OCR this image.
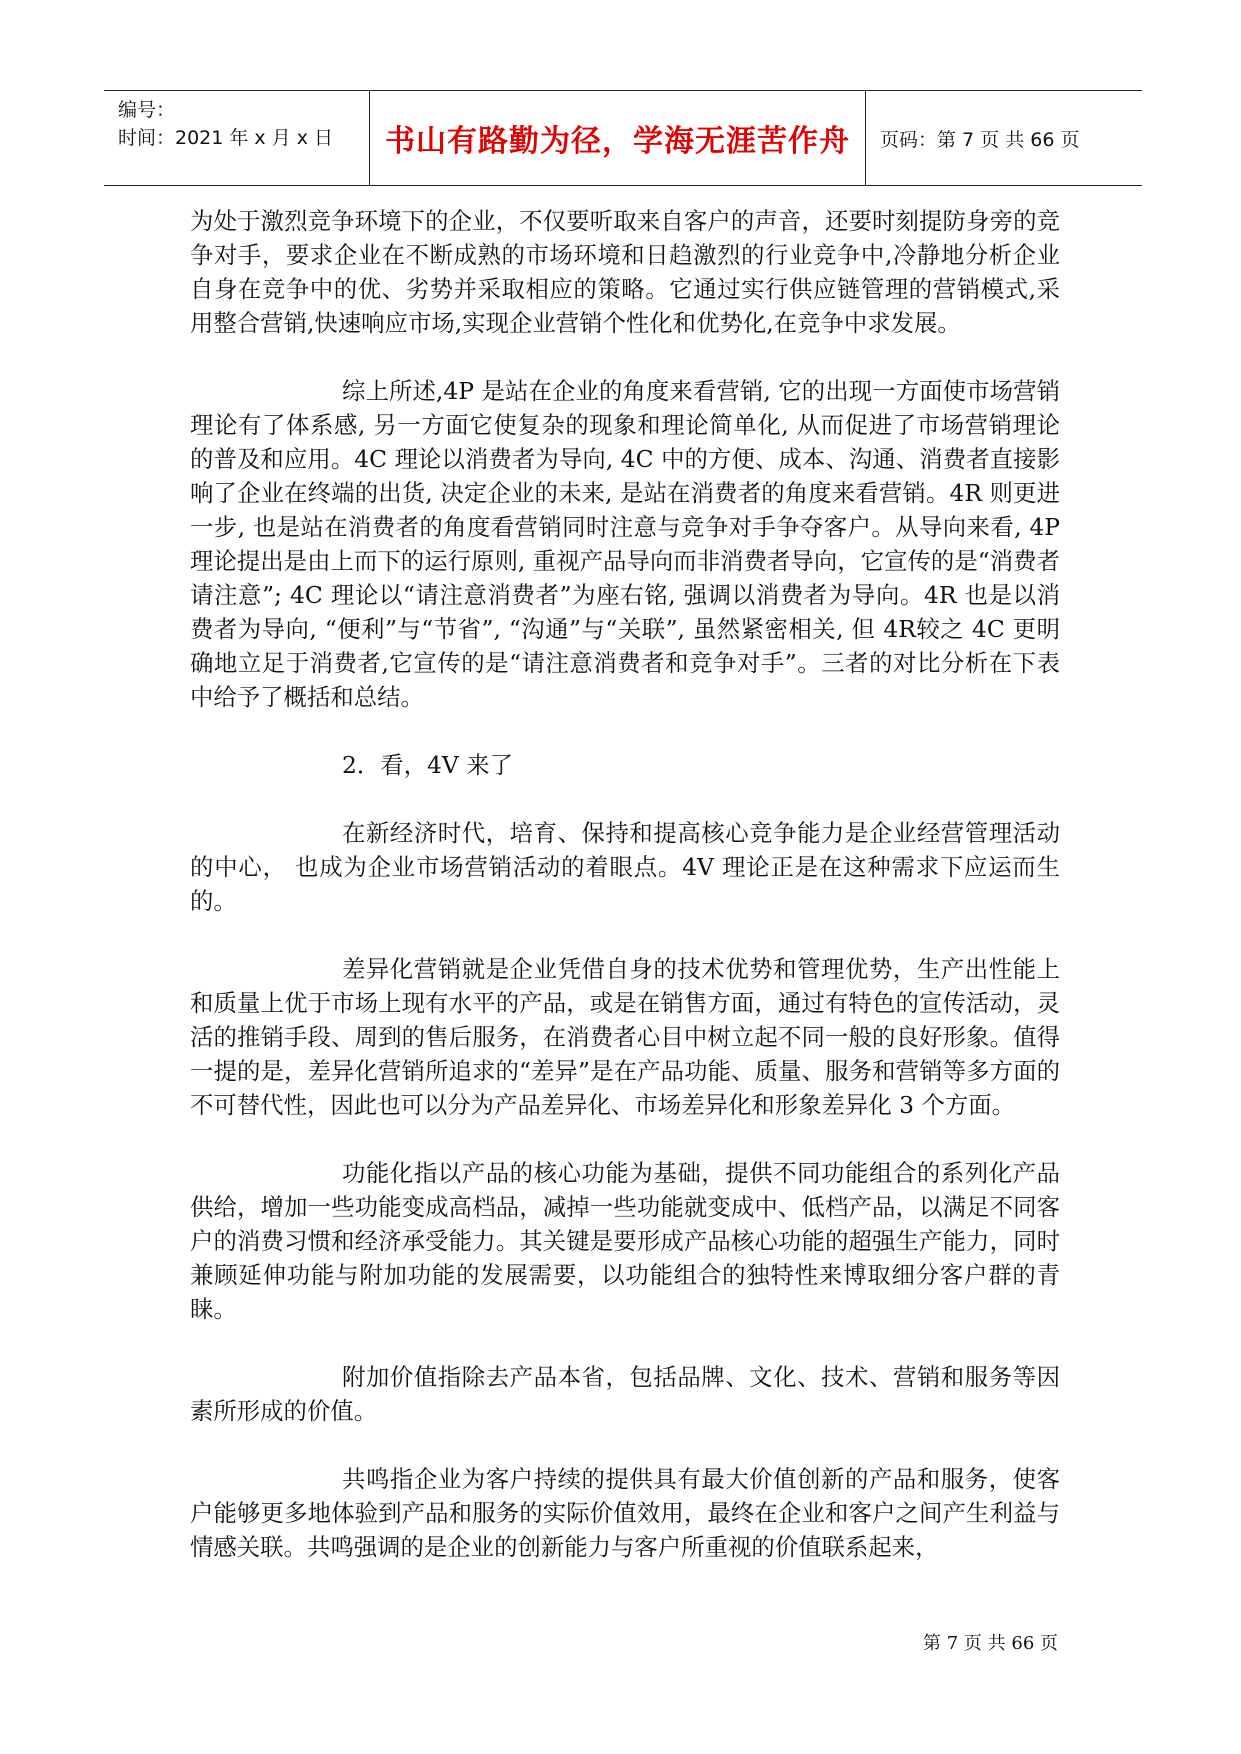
编号：
时间：2021 年 x 月 x 日	书山有路勤为径，学海无涯苦作舟	页码：第 7 页 共 66 页

为处于激烈竞争环境下的企业，不仅要听取来自客户的声音，还要时刻提防身旁的竞争对手，要求企业在不断成熟的市场环境和日趋激烈的行业竞争中,冷静地分析企业自身在竞争中的优、劣势并采取相应的策略。它通过实行供应链管理的营销模式,采用整合营销,快速响应市场,实现企业营销个性化和优势化,在竞争中求发展。

综上所述,4P 是站在企业的角度来看营销, 它的出现一方面使市场营销理论有了体系感, 另一方面它使复杂的现象和理论简单化, 从而促进了市场营销理论的普及和应用。4C 理论以消费者为导向, 4C 中的方便、成本、沟通、消费者直接影响了企业在终端的出货, 决定企业的未来, 是站在消费者的角度来看营销。4R 则更进一步, 也是站在消费者的角度看营销同时注意与竞争对手争夺客户。从导向来看, 4P 理论提出是由上而下的运行原则, 重视产品导向而非消费者导向，它宣传的是“消费者请注意”; 4C 理论以“请注意消费者”为座右铭, 强调以消费者为导向。4R 也是以消费者为导向, “便利”与“节省”, “沟通”与“关联”, 虽然紧密相关, 但 4R较之 4C 更明确地立足于消费者,它宣传的是“请注意消费者和竞争对手”。三者的对比分析在下表中给予了概括和总结。

2．看，4V 来了

在新经济时代，培育、保持和提高核心竞争能力是企业经营管理活动的中心， 也成为企业市场营销活动的着眼点。4V 理论正是在这种需求下应运而生的。

差异化营销就是企业凭借自身的技术优势和管理优势，生产出性能上和质量上优于市场上现有水平的产品，或是在销售方面，通过有特色的宣传活动，灵活的推销手段、周到的售后服务，在消费者心目中树立起不同一般的良好形象。值得一提的是，差异化营销所追求的“差异”是在产品功能、质量、服务和营销等多方面的不可替代性，因此也可以分为产品差异化、市场差异化和形象差异化 3 个方面。

功能化指以产品的核心功能为基础，提供不同功能组合的系列化产品供给，增加一些功能变成高档品，减掉一些功能就变成中、低档产品，以满足不同客户的消费习惯和经济承受能力。其关键是要形成产品核心功能的超强生产能力，同时兼顾延伸功能与附加功能的发展需要，以功能组合的独特性来博取细分客户群的青睐。

附加价值指除去产品本省，包括品牌、文化、技术、营销和服务等因素所形成的价值。

共鸣指企业为客户持续的提供具有最大价值创新的产品和服务，使客户能够更多地体验到产品和服务的实际价值效用，最终在企业和客户之间产生利益与情感关联。共鸣强调的是企业的创新能力与客户所重视的价值联系起来，

第 7 页 共 66 页
